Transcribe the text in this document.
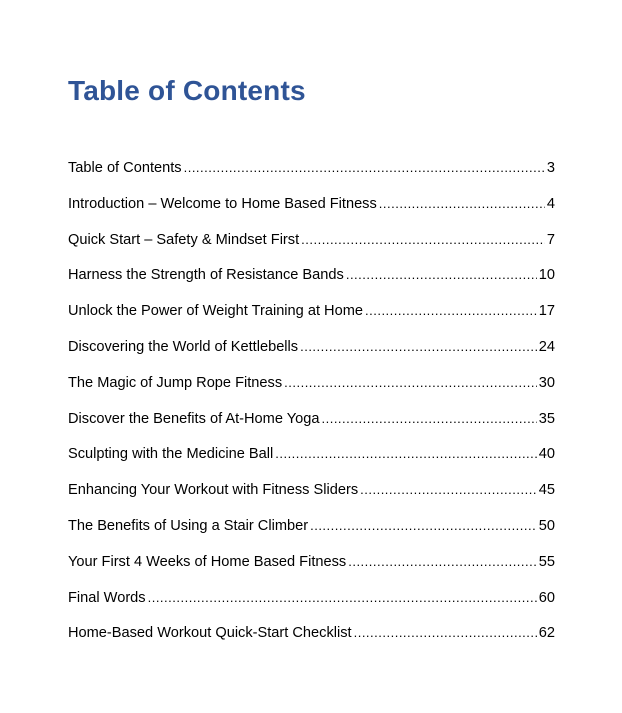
Table of Contents
Table of Contents .....	3
Introduction – Welcome to Home Based Fitness .....	4
Quick Start – Safety & Mindset First .....	7
Harness the Strength of Resistance Bands .....	10
Unlock the Power of Weight Training at Home .....	17
Discovering the World of Kettlebells .....	24
The Magic of Jump Rope Fitness .....	30
Discover the Benefits of At-Home Yoga .....	35
Sculpting with the Medicine Ball .....	40
Enhancing Your Workout with Fitness Sliders .....	45
The Benefits of Using a Stair Climber .....	50
Your First 4 Weeks of Home Based Fitness .....	55
Final Words .....	60
Home-Based Workout Quick-Start Checklist .....	62
